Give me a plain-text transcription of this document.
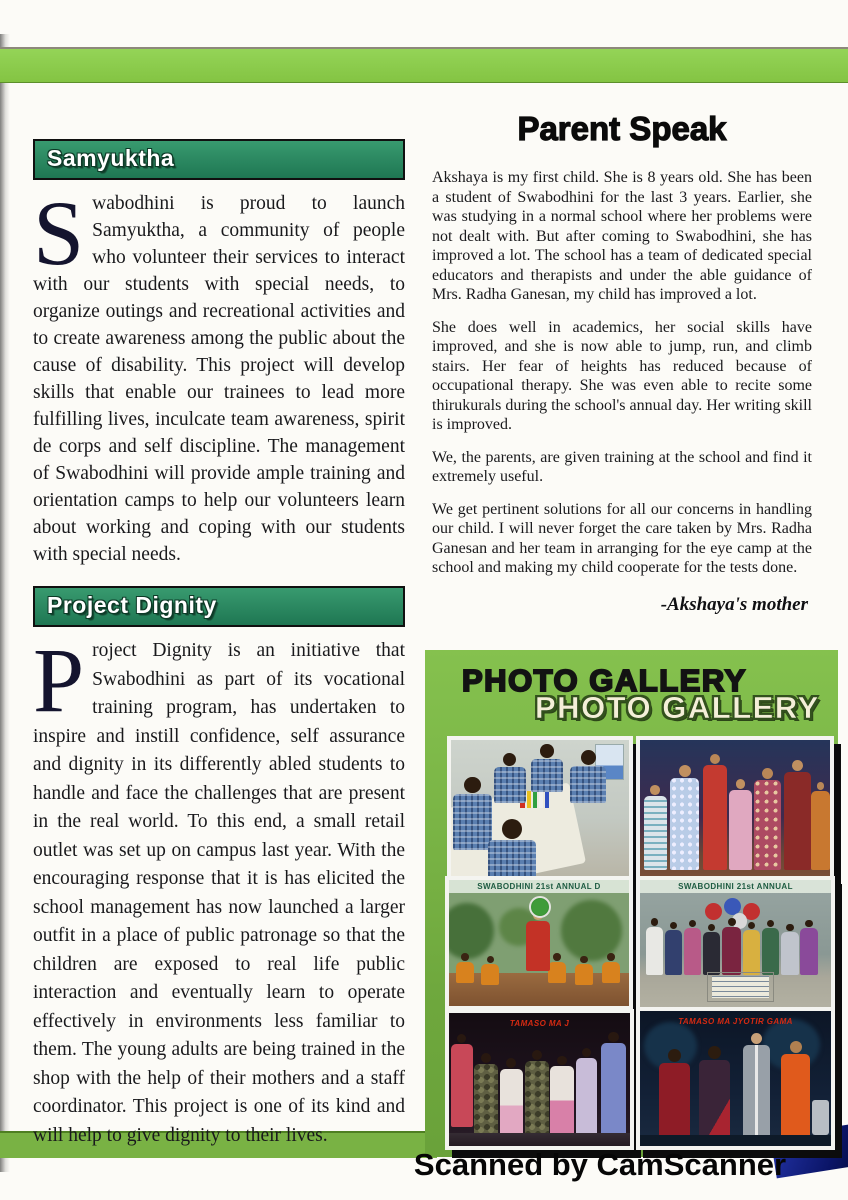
Samyuktha

Swabodhini is proud to launch Samyuktha, a community of people who volunteer their services to interact with our students with special needs, to organize outings and recreational activities and to create awareness among the public about the cause of disability. This project will develop skills that enable our trainees to lead more fulfilling lives, inculcate team awareness, spirit de corps and self discipline. The management of Swabodhini will provide ample training and orientation camps to help our volunteers learn about working and coping with our students with special needs.

Project Dignity

Project Dignity is an initiative that Swabodhini as part of its vocational training program, has undertaken to inspire and instill confidence, self assurance and dignity in its differently abled students to handle and face the challenges that are present in the real world. To this end, a small retail outlet was set up on campus last year. With the encouraging response that it is has elicited the school management has now launched a larger outfit in a place of public patronage so that the children are exposed to real life public interaction and eventually learn to operate effectively in environments less familiar to them. The young adults are being trained in the shop with the help of their mothers and a staff coordinator. This project is one of its kind and will help to give dignity to their lives.

Parent Speak

Akshaya is my first child. She is 8 years old. She has been a student of Swabodhini for the last 3 years. Earlier, she was studying in a normal school where her problems were not dealt with. But after coming to Swabodhini, she has improved a lot. The school has a team of dedicated special educators and therapists and under the able guidance of Mrs. Radha Ganesan, my child has improved a lot.

She does well in academics, her social skills have improved, and she is now able to jump, run, and climb stairs. Her fear of heights has reduced because of occupational therapy. She was even able to recite some thirukurals during the school's annual day. Her writing skill is improved.

We, the parents, are given training at the school and find it extremely useful.

We get pertinent solutions for all our concerns in handling our child. I will never forget the care taken by Mrs. Radha Ganesan and her team in arranging for the eye camp at the school and making my child cooperate for the tests done.

-Akshaya's mother
PHOTO GALLERY
PHOTO GALLERY
SWABODHINI 21st ANNUAL D	SWABODHINI 21st ANNUAL
TAMASO MA J	TAMASO MA JYOTIR GAMA
Scanned by CamScanner
